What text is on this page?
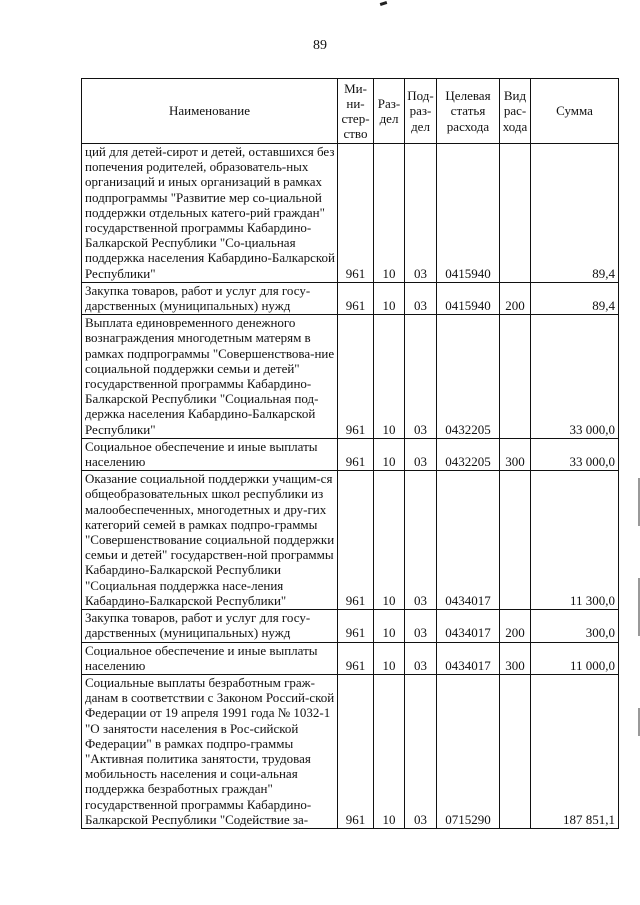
89
Наименование	Ми-ни-стер-ство	Раз-дел	Под-раз-дел	Целевая статья расхода	Вид рас-хода	Сумма
ций для детей-сирот и детей, оставшихся без попечения родителей, образователь-ных организаций и иных организаций в рамках подпрограммы "Развитие мер со-циальной поддержки отдельных катего-рий граждан" государственной программы Кабардино-Балкарской Республики "Со-циальная поддержка населения Кабардино-Балкарской Республики"	961	10	03	0415940		89,4
Закупка товаров, работ и услуг для госу-дарственных (муниципальных) нужд	961	10	03	0415940	200	89,4
Выплата единовременного денежного вознаграждения многодетным матерям в рамках подпрограммы "Совершенствова-ние социальной поддержки семьи и детей" государственной программы Кабардино-Балкарской Республики "Социальная под-держка населения Кабардино-Балкарской Республики"	961	10	03	0432205		33 000,0
Социальное обеспечение и иные выплаты населению	961	10	03	0432205	300	33 000,0
Оказание социальной поддержки учащим-ся общеобразовательных школ республики из малообеспеченных, многодетных и дру-гих категорий семей в рамках подпро-граммы "Совершенствование социальной поддержки семьи и детей" государствен-ной программы Кабардино-Балкарской Республики "Социальная поддержка насе-ления Кабардино-Балкарской Республики"	961	10	03	0434017		11 300,0
Закупка товаров, работ и услуг для госу-дарственных (муниципальных) нужд	961	10	03	0434017	200	300,0
Социальное обеспечение и иные выплаты населению	961	10	03	0434017	300	11 000,0
Социальные выплаты безработным граж-данам в соответствии с Законом Россий-ской Федерации от 19 апреля 1991 года № 1032-1 "О занятости населения в Рос-сийской Федерации" в рамках подпро-граммы "Активная политика занятости, трудовая мобильность населения и соци-альная поддержка безработных граждан" государственной программы Кабардино-Балкарской Республики "Содействие за-	961	10	03	0715290		187 851,1
